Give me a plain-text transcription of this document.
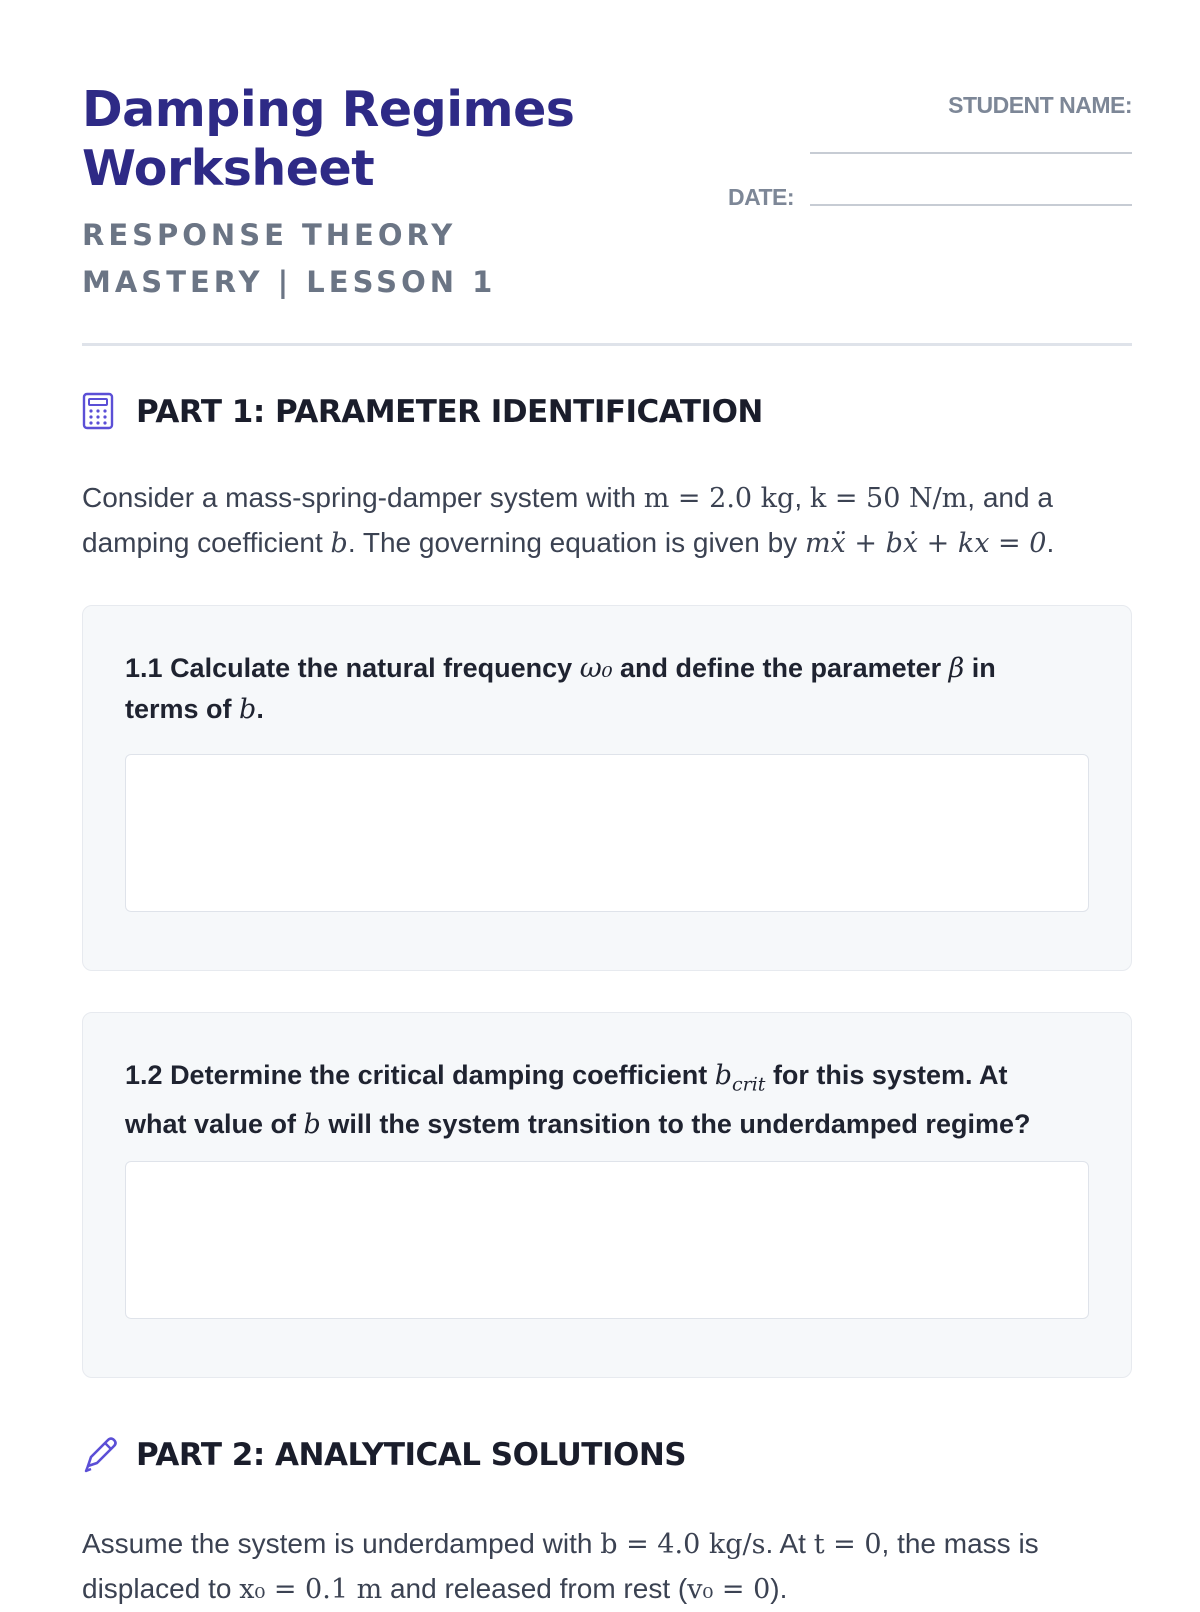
Damping Regimes Worksheet
RESPONSE THEORY MASTERY | LESSON 1
STUDENT NAME:
DATE:
PART 1: PARAMETER IDENTIFICATION

Consider a mass-spring-damper system with m = 2.0 kg, k = 50 N/m, and a damping coefficient b. The governing equation is given by mẍ + bẋ + kx = 0.

1.1 Calculate the natural frequency ω₀ and define the parameter β in terms of b.

1.2 Determine the critical damping coefficient $b_{crit}$ for this system. At what value of b will the system transition to the underdamped regime?

PART 2: ANALYTICAL SOLUTIONS

Assume the system is underdamped with b = 4.0 kg/s. At t = 0, the mass is displaced to x₀ = 0.1 m and released from rest (v₀ = 0).
